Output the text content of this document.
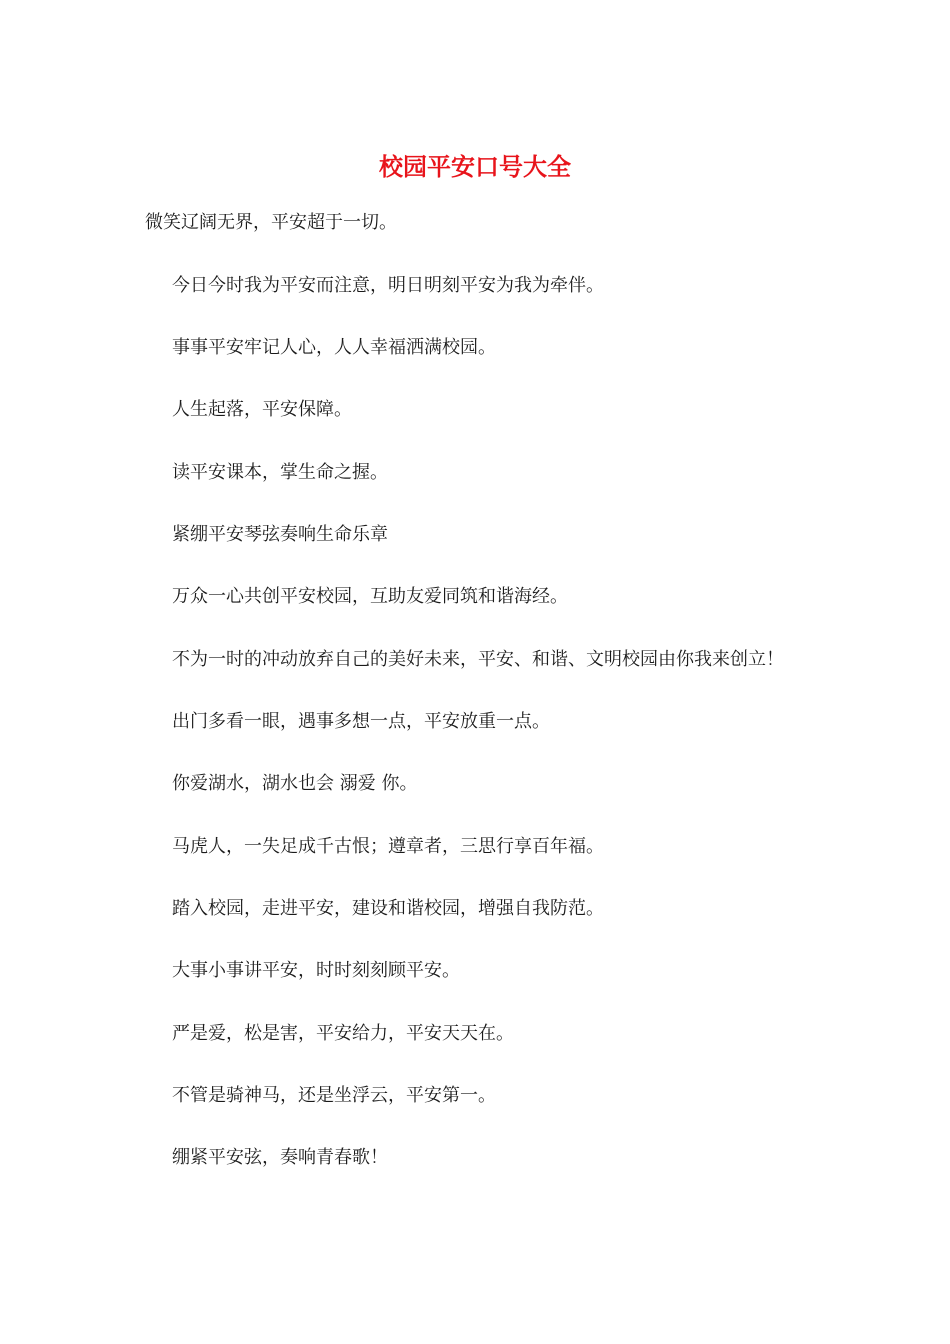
校园平安口号大全
微笑辽阔无界，平安超于一切。
今日今时我为平安而注意，明日明刻平安为我为牵伴。
事事平安牢记人心，人人幸福洒满校园。
人生起落，平安保障。
读平安课本，掌生命之握。
紧绷平安琴弦奏响生命乐章
万众一心共创平安校园，互助友爱同筑和谐海经。
不为一时的冲动放弃自己的美好未来，平安、和谐、文明校园由你我来创立！
出门多看一眼，遇事多想一点，平安放重一点。
你爱湖水，湖水也会 溺爱 你。
马虎人，一失足成千古恨；遵章者，三思行享百年福。
踏入校园，走进平安，建设和谐校园，增强自我防范。
大事小事讲平安，时时刻刻顾平安。
严是爱，松是害，平安给力，平安天天在。
不管是骑神马，还是坐浮云，平安第一。
绷紧平安弦，奏响青春歌！
